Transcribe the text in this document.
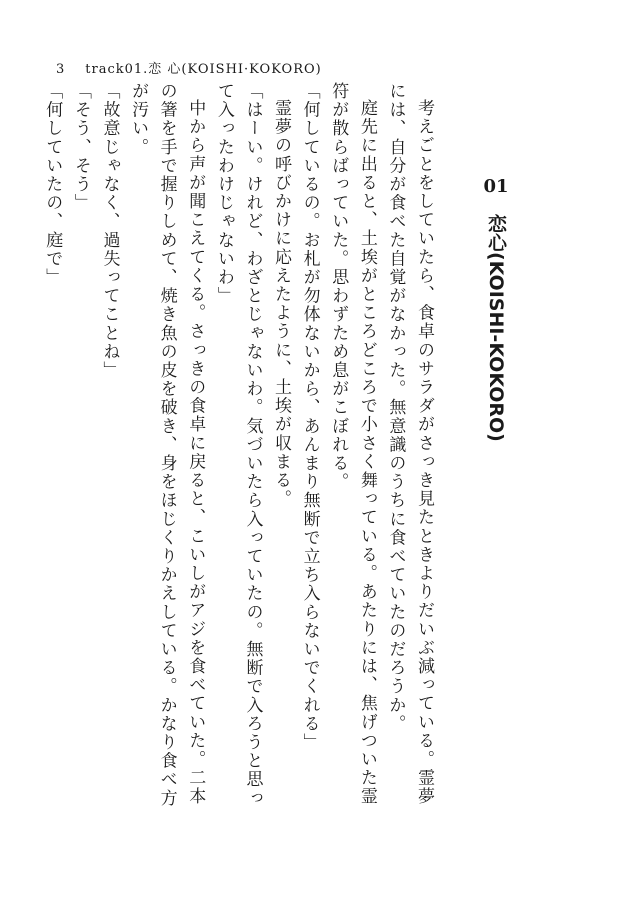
3 track01.恋 心(KOISHI·KOKORO)
01
恋心(KOISHI-KOKORO)

考えごとをしていたら、食卓のサラダがさっき見たときよりだいぶ減っている。霊夢には、自分が食べた自覚がなかった。無意識のうちに食べていたのだろうか。

庭先に出ると、土埃がところどころで小さく舞っている。あたりには、焦げついた霊符が散らばっていた。思わずため息がこぼれる。

「何しているの。お札が勿体ないから、あんまり無断で立ち入らないでくれる」

霊夢の呼びかけに応えたように、土埃が収まる。

「はーい。けれど、わざとじゃないわ。気づいたら入っていたの。無断で入ろうと思って入ったわけじゃないわ」

中から声が聞こえてくる。さっきの食卓に戻ると、こいしがアジを食べていた。二本の箸を手で握りしめて、焼き魚の皮を破き、身をほじくりかえしている。かなり食べ方が汚い。

「故意じゃなく、過失ってことね」

「そう、そう」

「何していたの、庭で」
